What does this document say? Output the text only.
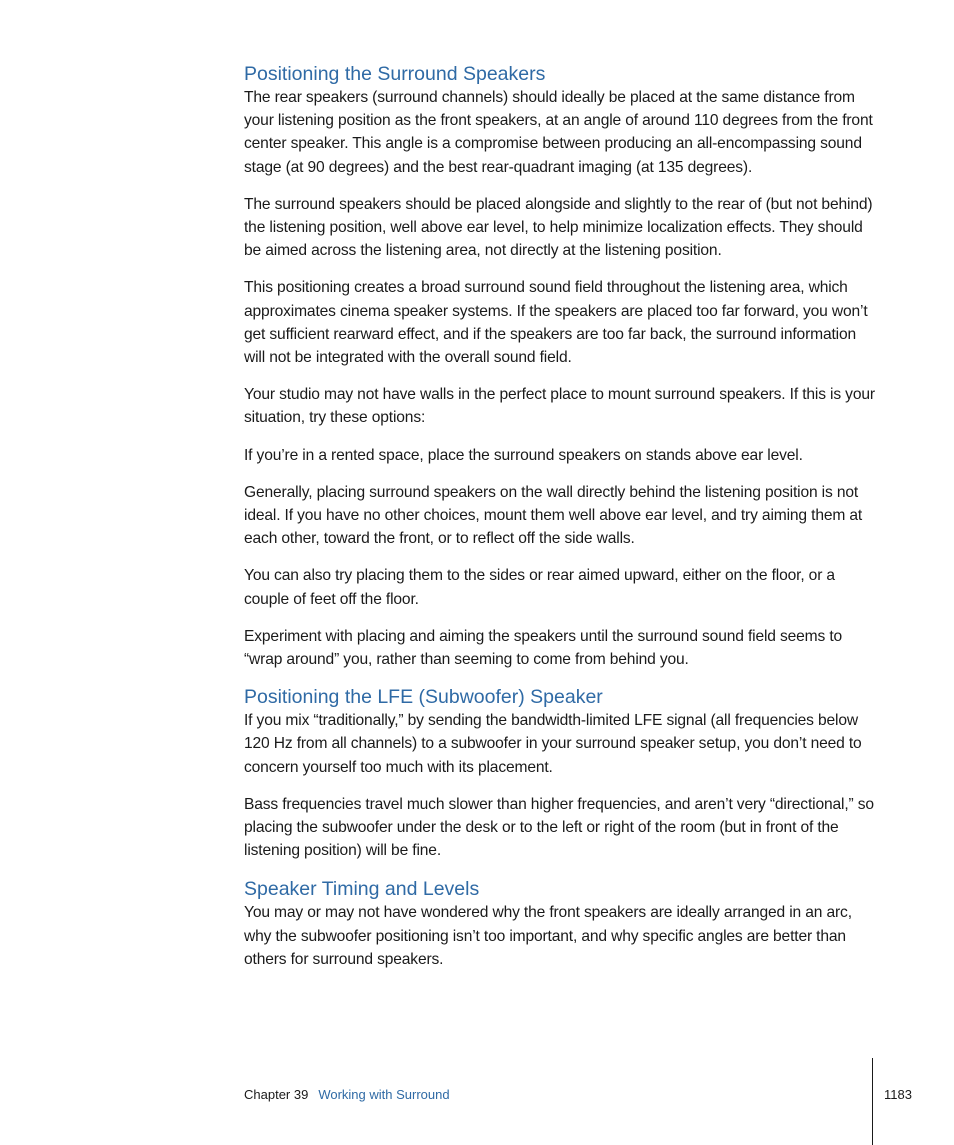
Positioning the Surround Speakers

The rear speakers (surround channels) should ideally be placed at the same distance from your listening position as the front speakers, at an angle of around 110 degrees from the front center speaker. This angle is a compromise between producing an all-encompassing sound stage (at 90 degrees) and the best rear-quadrant imaging (at 135 degrees).

The surround speakers should be placed alongside and slightly to the rear of (but not behind) the listening position, well above ear level, to help minimize localization effects. They should be aimed across the listening area, not directly at the listening position.

This positioning creates a broad surround sound field throughout the listening area, which approximates cinema speaker systems. If the speakers are placed too far forward, you won’t get sufficient rearward effect, and if the speakers are too far back, the surround information will not be integrated with the overall sound field.

Your studio may not have walls in the perfect place to mount surround speakers. If this is your situation, try these options:

If you’re in a rented space, place the surround speakers on stands above ear level.

Generally, placing surround speakers on the wall directly behind the listening position is not ideal. If you have no other choices, mount them well above ear level, and try aiming them at each other, toward the front, or to reflect off the side walls.

You can also try placing them to the sides or rear aimed upward, either on the floor, or a couple of feet off the floor.

Experiment with placing and aiming the speakers until the surround sound field seems to “wrap around” you, rather than seeming to come from behind you.

Positioning the LFE (Subwoofer) Speaker

If you mix “traditionally,” by sending the bandwidth-limited LFE signal (all frequencies below 120 Hz from all channels) to a subwoofer in your surround speaker setup, you don’t need to concern yourself too much with its placement.

Bass frequencies travel much slower than higher frequencies, and aren’t very “directional,” so placing the subwoofer under the desk or to the left or right of the room (but in front of the listening position) will be fine.

Speaker Timing and Levels

You may or may not have wondered why the front speakers are ideally arranged in an arc, why the subwoofer positioning isn’t too important, and why specific angles are better than others for surround speakers.

Chapter 39 Working with Surround	1183
